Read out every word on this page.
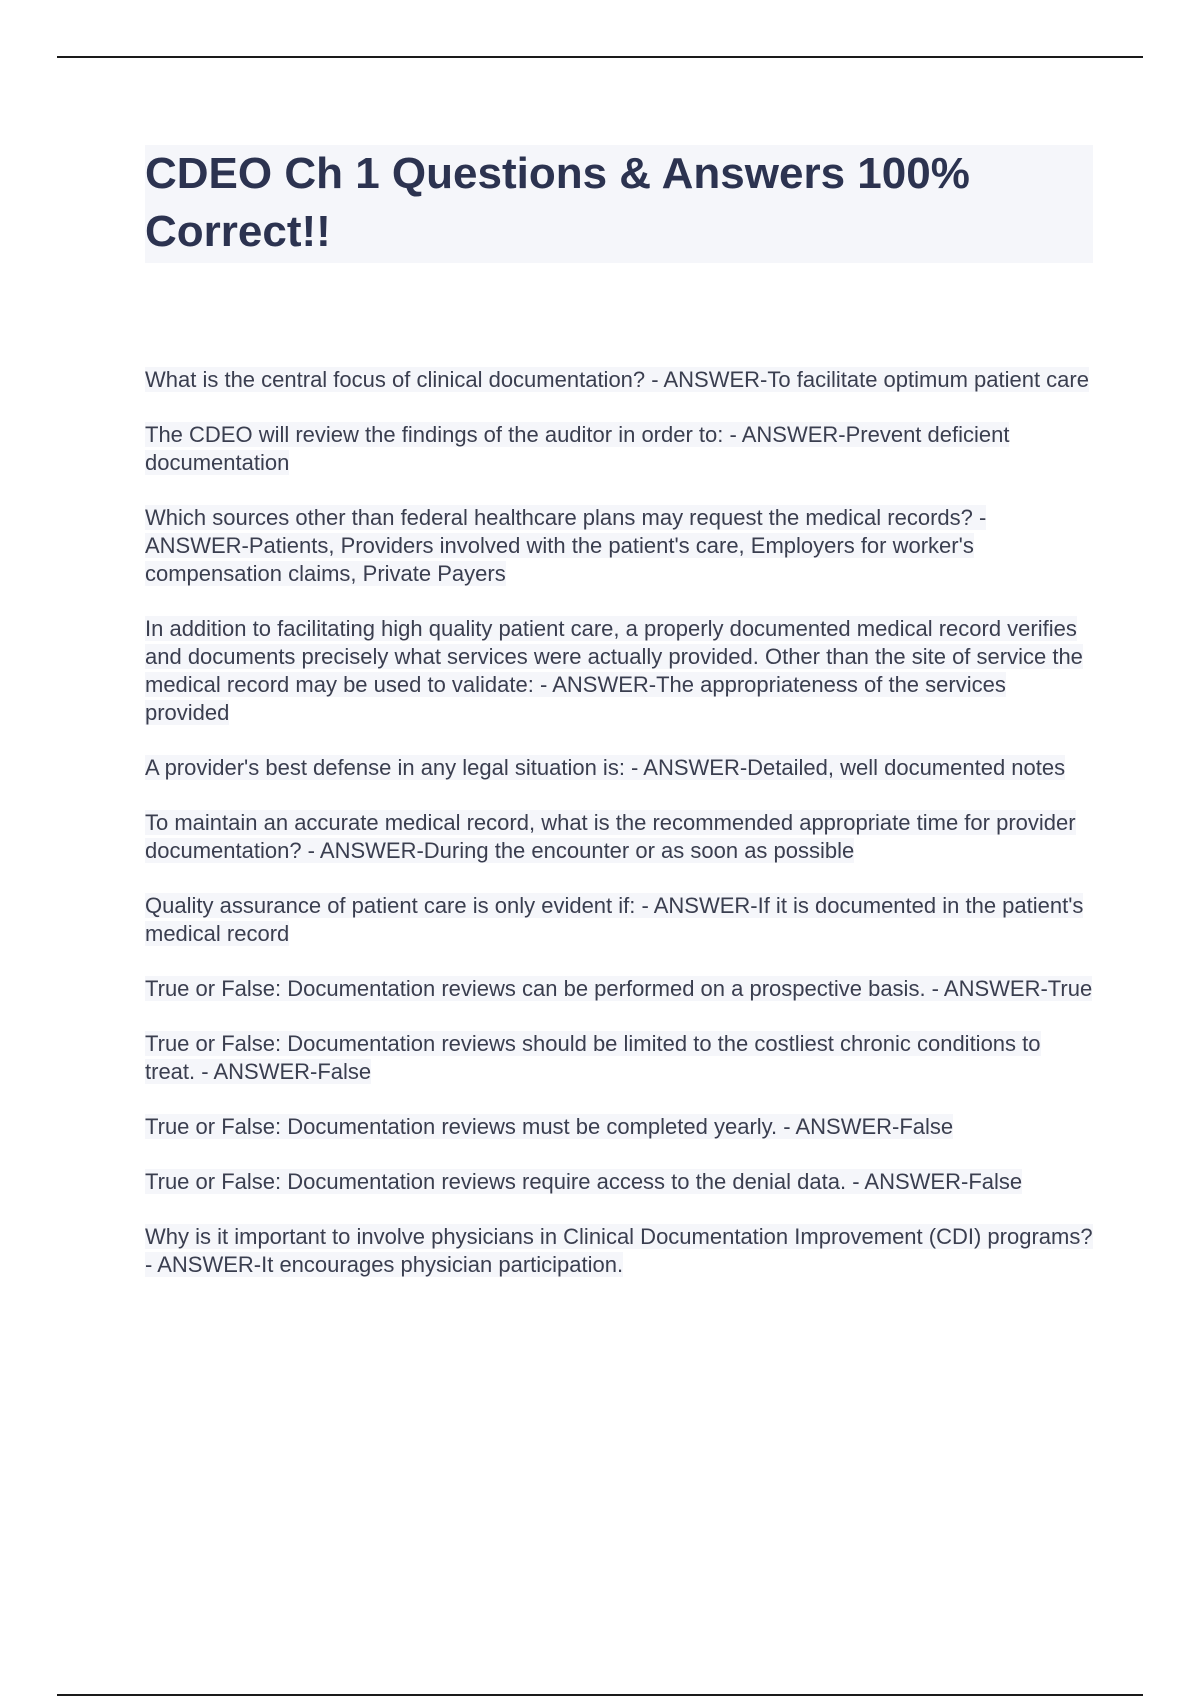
CDEO Ch 1 Questions & Answers 100% Correct!!

What is the central focus of clinical documentation? - ANSWER-To facilitate optimum patient care

The CDEO will review the findings of the auditor in order to: - ANSWER-Prevent deficient documentation

Which sources other than federal healthcare plans may request the medical records? - ANSWER-Patients, Providers involved with the patient's care, Employers for worker's compensation claims, Private Payers

In addition to facilitating high quality patient care, a properly documented medical record verifies and documents precisely what services were actually provided. Other than the site of service the medical record may be used to validate: - ANSWER-The appropriateness of the services provided

A provider's best defense in any legal situation is: - ANSWER-Detailed, well documented notes

To maintain an accurate medical record, what is the recommended appropriate time for provider documentation? - ANSWER-During the encounter or as soon as possible

Quality assurance of patient care is only evident if: - ANSWER-If it is documented in the patient's medical record

True or False: Documentation reviews can be performed on a prospective basis. - ANSWER-True

True or False: Documentation reviews should be limited to the costliest chronic conditions to treat. - ANSWER-False

True or False: Documentation reviews must be completed yearly. - ANSWER-False

True or False: Documentation reviews require access to the denial data. - ANSWER-False

Why is it important to involve physicians in Clinical Documentation Improvement (CDI) programs? - ANSWER-It encourages physician participation.
